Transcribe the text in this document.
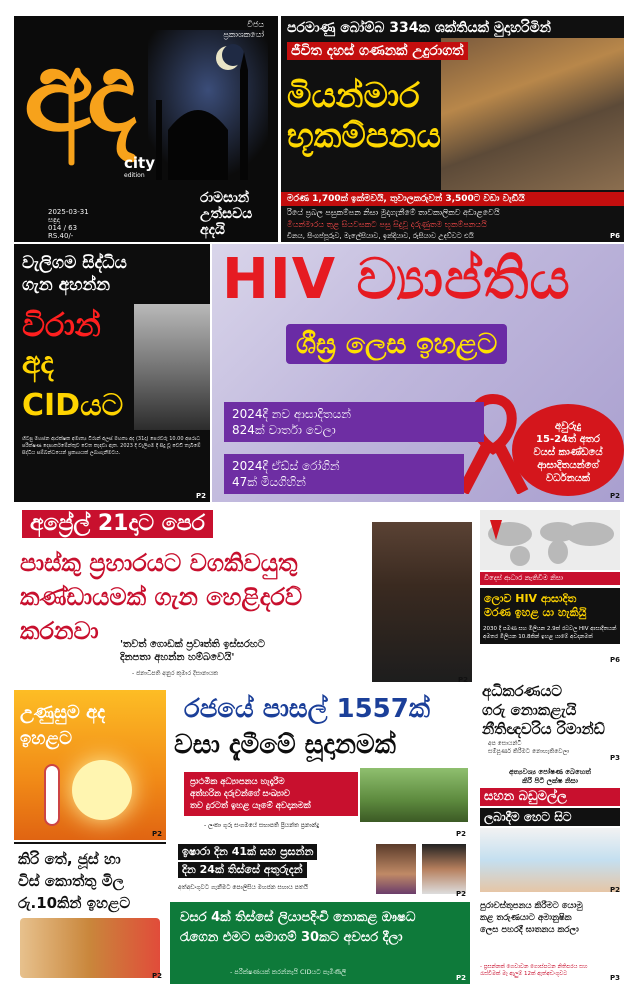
විජය
ප්‍රකාශකයෝ
අද
city
edition
2025-03-31
සඳුදා
014 / 63
RS.40/-
රාමසාන්
උත්සවය
අදයි
පරමාණු බෝම්බ 334ක ශක්තියක් මුදාහරිමින්
ජීවිත දහස් ගණනක් උදුරාගත්
මියන්මාර
භූකම්පනය
මරණ 1,700ක් ඉක්මවයි, තුවාලකරුවන් 3,500ට වඩා වැඩියි
රියේ ප්‍රබල පසුකම්පන නිසා මුදාගැනීමේ තාවකාලිකව අඩාළවෙයි
මියන්මාරය තුළ සියවසකට පසු සිදුවූ දරුණුතම භූකම්පනයයි
චීනය, සිංගප්පූරුව, මැලේසියාව, ඉන්දියාව, රුසියාව උදව්වට එයි	P6
වැලිගම සිද්ධිය
ගැන අහන්න
විරාන්
අද
CIDයට
හිටපු මහජන ආරක්ෂක අමාත්‍ය ටිරාන් අලස් මහතා අද (31දා) පෙරවරු 10.00 අපරාධ පරීක්ෂණ දෙපාර්තමේන්තුව වෙත කැඳවා ඇත. 2023 දී වැලිගම දී සිදු වූ වෙඩි තැබීමේ සිද්ධිය සම්බන්ධයෙන් ප්‍රකාශයක් ලබාගැනීමටය.
P2
HIV ව්‍යාප්තිය
ශීඝ්‍ර ලෙස ඉහළට
2024දී නව ආසාදිතයන්
824ක් වාර්තා වෙලා
2024දී ඒඩ්ස් රෝගින්
47ක් මියගිහින්
අවුරුදු
15-24ත් අතර
වයස් කාණ්ඩයේ
ආසාදිතයන්ගේ
වර්ධනයක්
P2
අප්‍රේල් 21දාට පෙර
පාස්කු ප්‍රහාරයට වගකිවයුතු
කණ්ඩායමක් ගැන හෙළිදරව්
කරනවා	'තවත් ගොඩක් ප්‍රවෘත්ති ඉස්සරහට
දිනපතා අහන්න හම්බවෙයි'
- ජනාධිපති අනුර කුමාර දිසානායක
P2
විදෙස් ආධාර නැතිවීම නිසා
ලොව HIV ආසාදිත
මරණ ඉහළ යා හැකියිු
2030 දී පමණ සහ මිලියන 2.9ක් රටවල HIV ආසාදිතයන් අමතර මිලියන 10.8කින් ඉහළ යාමේ අවදානමක්
P6
අධිකරණයට
ගරු නොකළැයි
නීතිඥවරිය රිමාන්ඩ්
අප සොයන්ටී
සම්පූර්ණ කිරීමට නොහැකිවෙලා
P3
උණුසුම අද
ඉහළට
P2
රජයේ පාසල් 1557ක්
වසා දැමීමේ සූදානමක්
ප්‍රාථමික අධ්‍යාපනය හැදෑරීම
අත්හරින දරුවන්ගේ සංඛ්‍යාව
තව දුරටත් ඉහළ යෑමේ අවදානමක්
- ලංකා ගුරු සංගමයේ සභාපති ප්‍රියන්ත ප්‍රනාන්දු
P2
අත්‍යවශ්‍ය පෝෂණ බෙහෙත්
කිරි පිටි ලක්ෂ නිසා
සහන බඩුමල්ල
ලබාදීම හෙට සිට
P2
කිරි තේ, ජූස් හා
විස් කොත්තු මිල
රු.10කින් ඉහළට
P2
ඉෂාරා දින 41ක් සහ ප්‍රසන්න
දින 24ක් තිස්සේ අතුරුදන්
අත්අඩංගුවට ගැනීමට පොලිසිය මහජන සහාය පතයි
P2
වසර 4ක් තිස්සේ ලියාපදිංචි නොකළ ඖෂධ
රැගෙන එමට සමාගම් 30කට අවසර දීලා
- පරීක්ෂණයක් කරන්නැයි CIDයට පැමිණිලි
P2
පුරාවස්තුපනය කිරීමට යොමු
කළ තරුණයාට අමානුෂික
ලෙස පහරදී ඝාතනය කරලා
- ප්‍රසන්නක් ගෙවාවන ගොස්පටන නිතිපරය සහ
රැස්වීමක් මෑ ඇලුම් 12ක් ඇත්අඩංගුවට	P3
